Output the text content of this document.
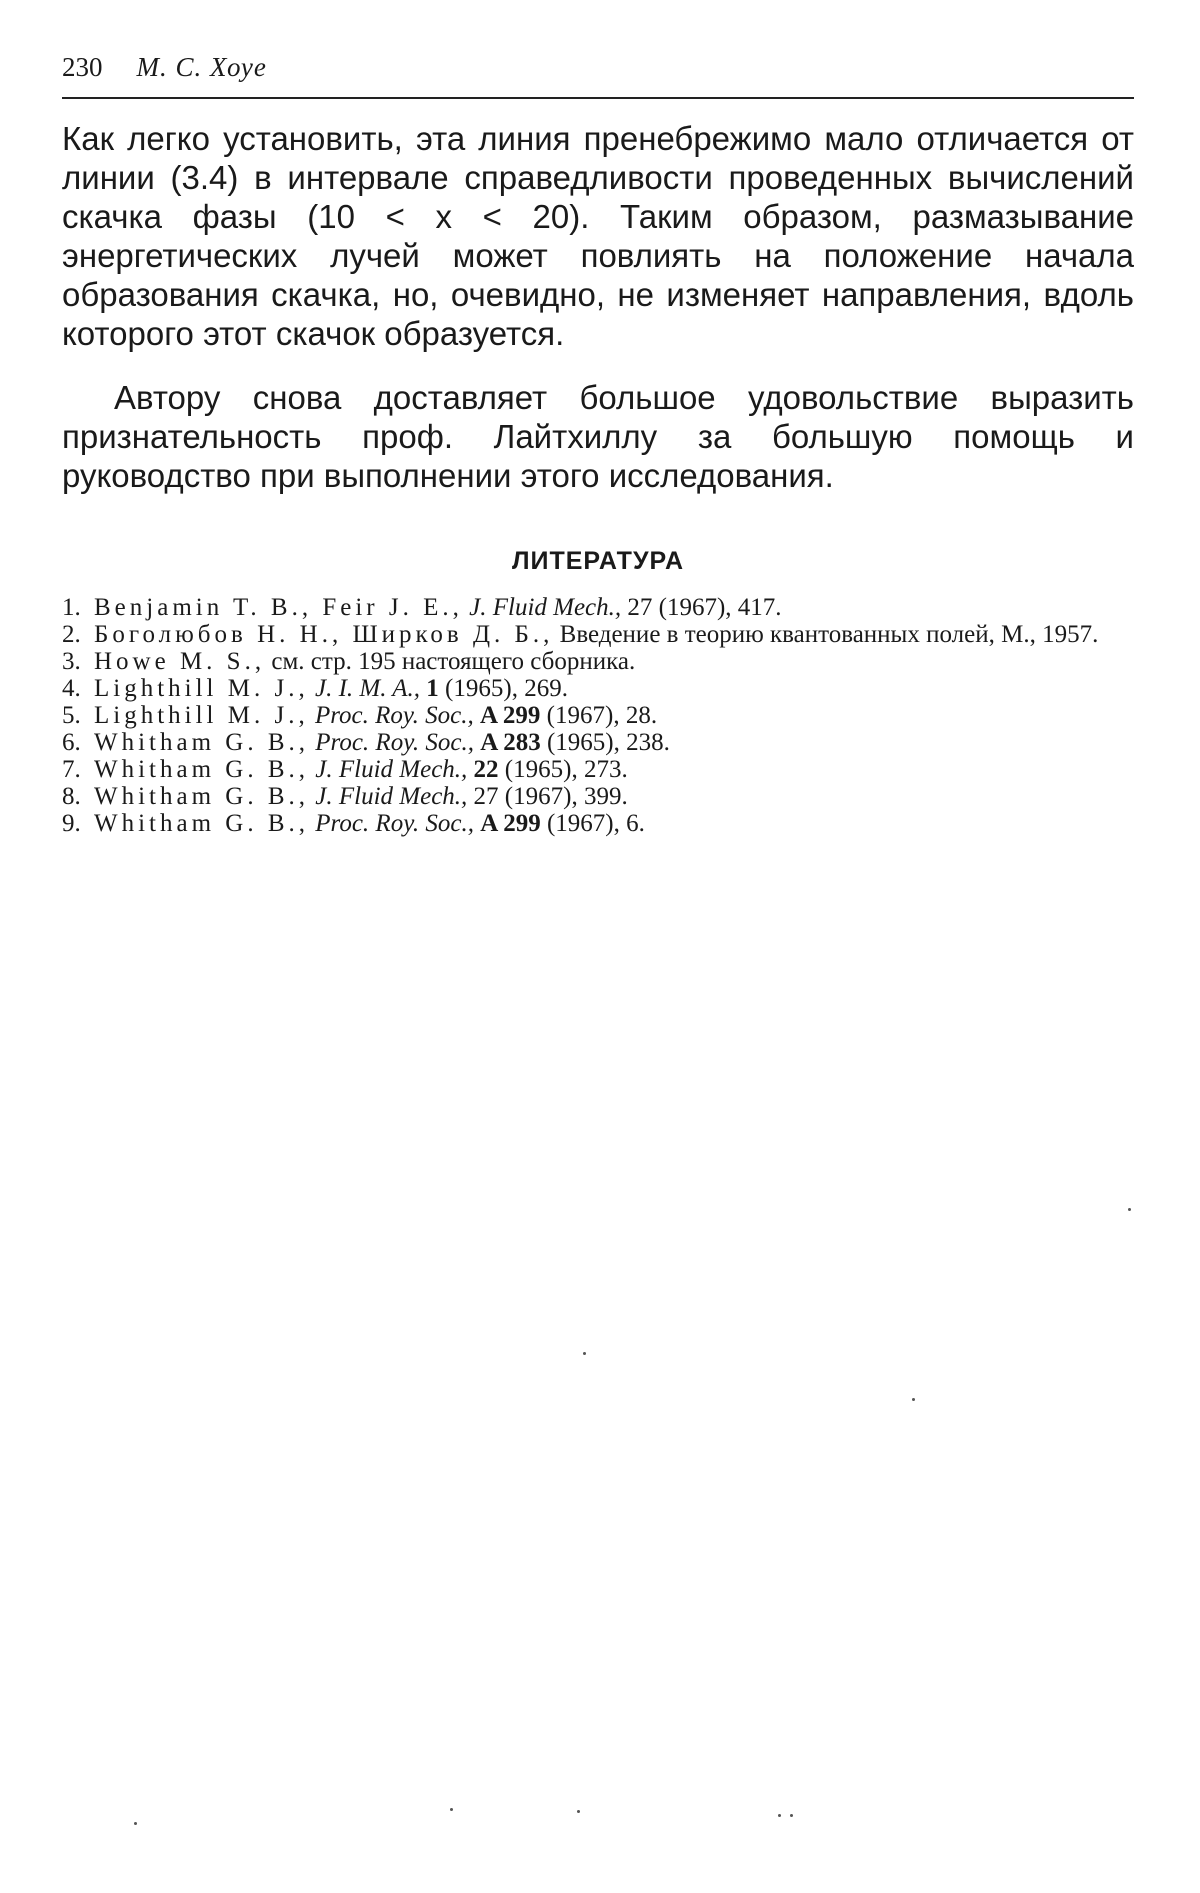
230 М. С. Хоуе

Как легко установить, эта линия пренебрежимо мало отличается от линии (3.4) в интервале справедливости проведенных вычислений скачка фазы (10 < x < 20). Таким образом, размазывание энергетических лучей может повлиять на положение начала образования скачка, но, очевидно, не изменяет направления, вдоль которого этот скачок образуется.

Автору снова доставляет большое удовольствие выразить признательность проф. Лайтхиллу за большую помощь и руководство при выполнении этого исследования.

ЛИТЕРАТУРА
1. Benjamin T. B., Feir J. E., J. Fluid Mech., 27 (1967), 417.
2. Боголюбов Н. Н., Ширков Д. Б., Введение в теорию квантованных полей, М., 1957.
3. Howe M. S., см. стр. 195 настоящего сборника.
4. Lighthill M. J., J. I. M. A., 1 (1965), 269.
5. Lighthill M. J., Proc. Roy. Soc., A 299 (1967), 28.
6. Whitham G. B., Proc. Roy. Soc., A 283 (1965), 238.
7. Whitham G. B., J. Fluid Mech., 22 (1965), 273.
8. Whitham G. B., J. Fluid Mech., 27 (1967), 399.
9. Whitham G. B., Proc. Roy. Soc., A 299 (1967), 6.
